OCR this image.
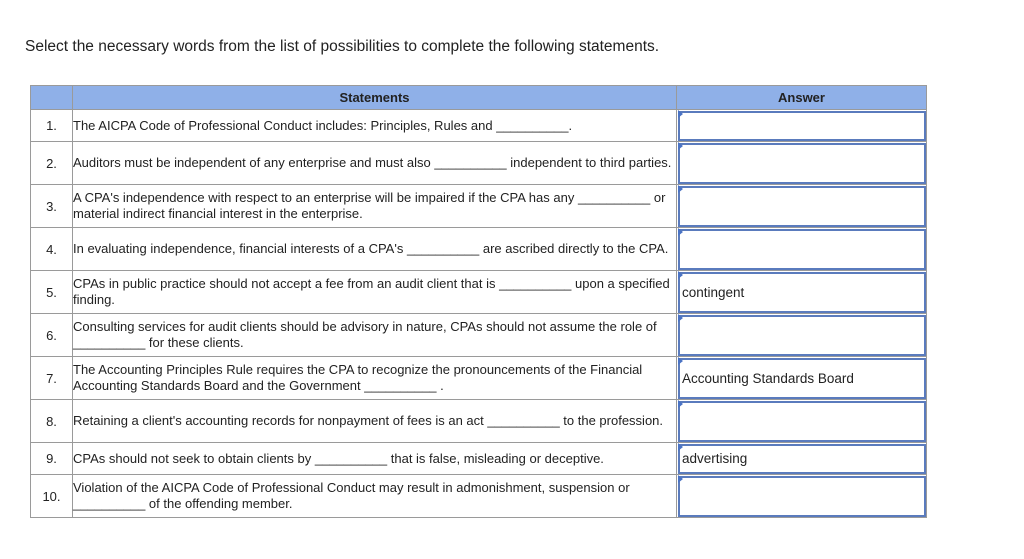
Select the necessary words from the list of possibilities to complete the following statements.

	Statements	Answer
1.	The AICPA Code of Professional Conduct includes: Principles, Rules and __________.	

2.	Auditors must be independent of any enterprise and must also __________ independent to third parties.	

3.	A CPA's independence with respect to an enterprise will be impaired if the CPA has any __________ or material indirect financial interest in the enterprise.	

4.	In evaluating independence, financial interests of a CPA's __________ are ascribed directly to the CPA.	

5.	CPAs in public practice should not accept a fee from an audit client that is __________ upon a specified finding.	contingent

6.	Consulting services for audit clients should be advisory in nature, CPAs should not assume the role of __________ for these clients.	

7.	The Accounting Principles Rule requires the CPA to recognize the pronouncements of the Financial Accounting Standards Board and the Government __________ .	Accounting Standards Board

8.	Retaining a client's accounting records for nonpayment of fees is an act __________ to the profession.	

9.	CPAs should not seek to obtain clients by __________ that is false, misleading or deceptive.	advertising

10.	Violation of the AICPA Code of Professional Conduct may result in admonishment, suspension or __________ of the offending member.	
